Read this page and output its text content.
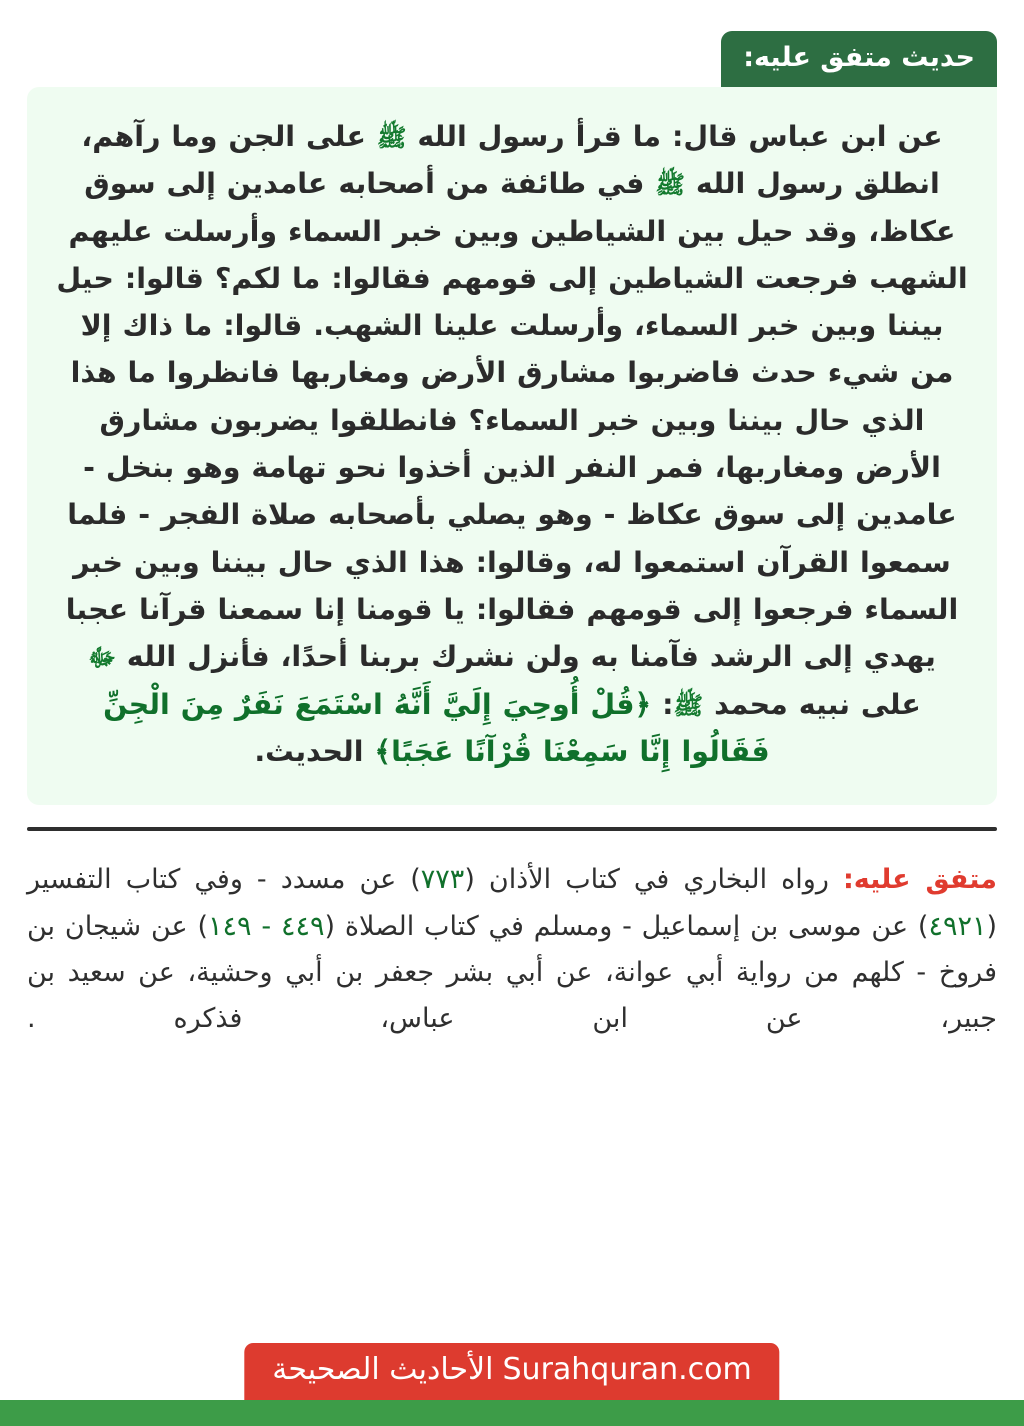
حديث متفق عليه:

عن ابن عباس قال: ما قرأ رسول الله ﷺ على الجن وما رآهم، انطلق رسول الله ﷺ في طائفة من أصحابه عامدين إلى سوق عكاظ، وقد حيل بين الشياطين وبين خبر السماء وأرسلت عليهم الشهب فرجعت الشياطين إلى قومهم فقالوا: ما لكم؟ قالوا: حيل بيننا وبين خبر السماء، وأرسلت علينا الشهب. قالوا: ما ذاك إلا من شيء حدث فاضربوا مشارق الأرض ومغاربها فانظروا ما هذا الذي حال بيننا وبين خبر السماء؟ فانطلقوا يضربون مشارق الأرض ومغاربها، فمر النفر الذين أخذوا نحو تهامة وهو بنخل - عامدين إلى سوق عكاظ - وهو يصلي بأصحابه صلاة الفجر - فلما سمعوا القرآن استمعوا له، وقالوا: هذا الذي حال بيننا وبين خبر السماء فرجعوا إلى قومهم فقالوا: يا قومنا إنا سمعنا قرآنا عجبا يهدي إلى الرشد فآمنا به ولن نشرك بربنا أحدًا، فأنزل الله ﷻ على نبيه محمد ﷺ: ﴿قُلْ أُوحِيَ إِلَيَّ أَنَّهُ اسْتَمَعَ نَفَرٌ مِنَ الْجِنِّ فَقَالُوا إِنَّا سَمِعْنَا قُرْآنًا عَجَبًا﴾ الحديث.

متفق عليه: رواه البخاري في كتاب الأذان (٧٧٣) عن مسدد - وفي كتاب التفسير (٤٩٢١) عن موسى بن إسماعيل - ومسلم في كتاب الصلاة (٤٤٩ - ١٤٩) عن شيجان بن فروخ - كلهم من رواية أبي عوانة، عن أبي بشر جعفر بن أبي وحشية، عن سعيد بن جبير، عن ابن عباس، فذكره .

Surahquran.com
الأحاديث الصحيحة
